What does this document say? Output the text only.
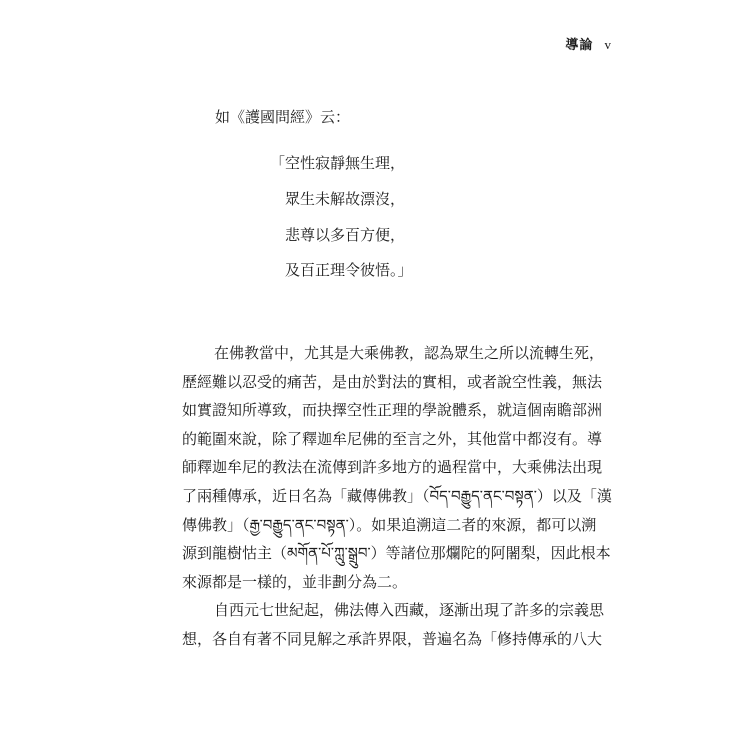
導論 v
如《護國問經》云：
「空性寂靜無生理，
眾生未解故漂沒，
悲尊以多百方便，
及百正理令彼悟。」
在佛教當中，尤其是大乘佛教，認為眾生之所以流轉生死，
歷經難以忍受的痛苦，是由於對法的實相，或者說空性義，無法
如實證知所導致，而抉擇空性正理的學說體系，就這個南瞻部洲
的範圍來說，除了釋迦牟尼佛的至言之外，其他當中都沒有。導
師釋迦牟尼的教法在流傳到許多地方的過程當中，大乘佛法出現
了兩種傳承，近日名為「藏傳佛教」（བོད་བརྒྱུད་ནང་བསྟན་）以及「漢
傳佛教」（རྒྱ་བརྒྱུད་ནང་བསྟན་）。如果追溯這二者的來源，都可以溯
源到龍樹怙主（མགོན་པོ་ཀླུ་སྒྲུབ་）等諸位那爛陀的阿闍梨，因此根本
來源都是一樣的，並非劃分為二。
自西元七世紀起，佛法傳入西藏，逐漸出現了許多的宗義思
想，各自有著不同見解之承許界限，普遍名為「修持傳承的八大
